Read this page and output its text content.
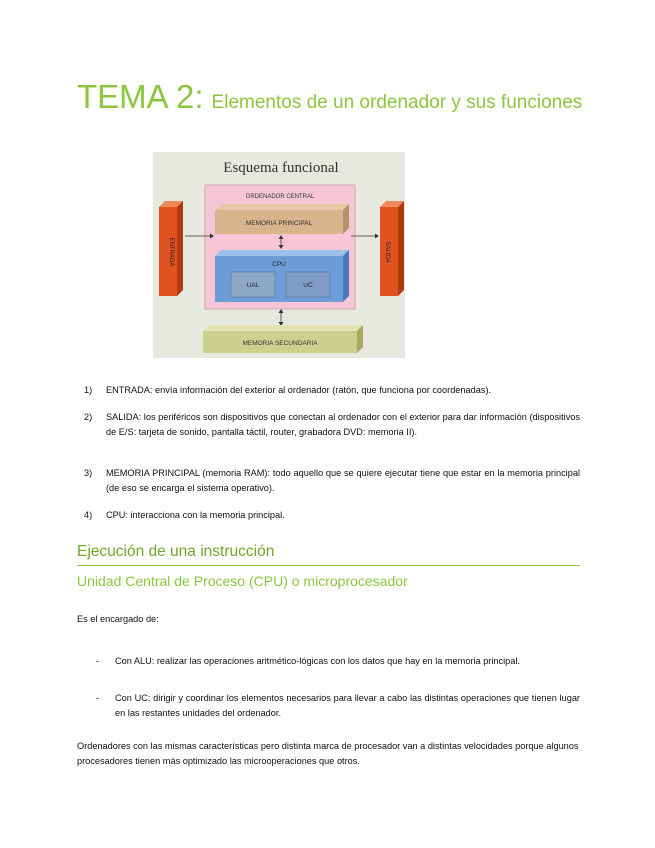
TEMA 2: Elementos de un ordenador y sus funciones
Esquema funcional
ORDENADOR CENTRAL
MEMORIA PRINCIPAL
CPU
UAL	UC
ENTRADA	SALIDA
MEMORIA SECUNDARIA
1) ENTRADA: envía información del exterior al ordenador (ratón, que funciona por coordenadas).
2) SALIDA: los periféricos son dispositivos que conectan al ordenador con el exterior para dar información (dispositivos de E/S: tarjeta de sonido, pantalla táctil, router, grabadora DVD: memoria II).
3) MEMORIA PRINCIPAL (memoria RAM): todo aquello que se quiere ejecutar tiene que estar en la memoria principal (de eso se encarga el sistema operativo).
4) CPU: interacciona con la memoria principal.
Ejecución de una instrucción
Unidad Central de Proceso (CPU) o microprocesador
Es el encargado de:
- Con ALU: realizar las operaciones aritmético-lógicas con los datos que hay en la memoria principal.
- Con UC: dirigir y coordinar los elementos necesarios para llevar a cabo las distintas operaciones que tienen lugar en las restantes unidades del ordenador.
Ordenadores con las mismas características pero distinta marca de procesador van a distintas velocidades porque algunos procesadores tienen más optimizado las microoperaciones que otros.
